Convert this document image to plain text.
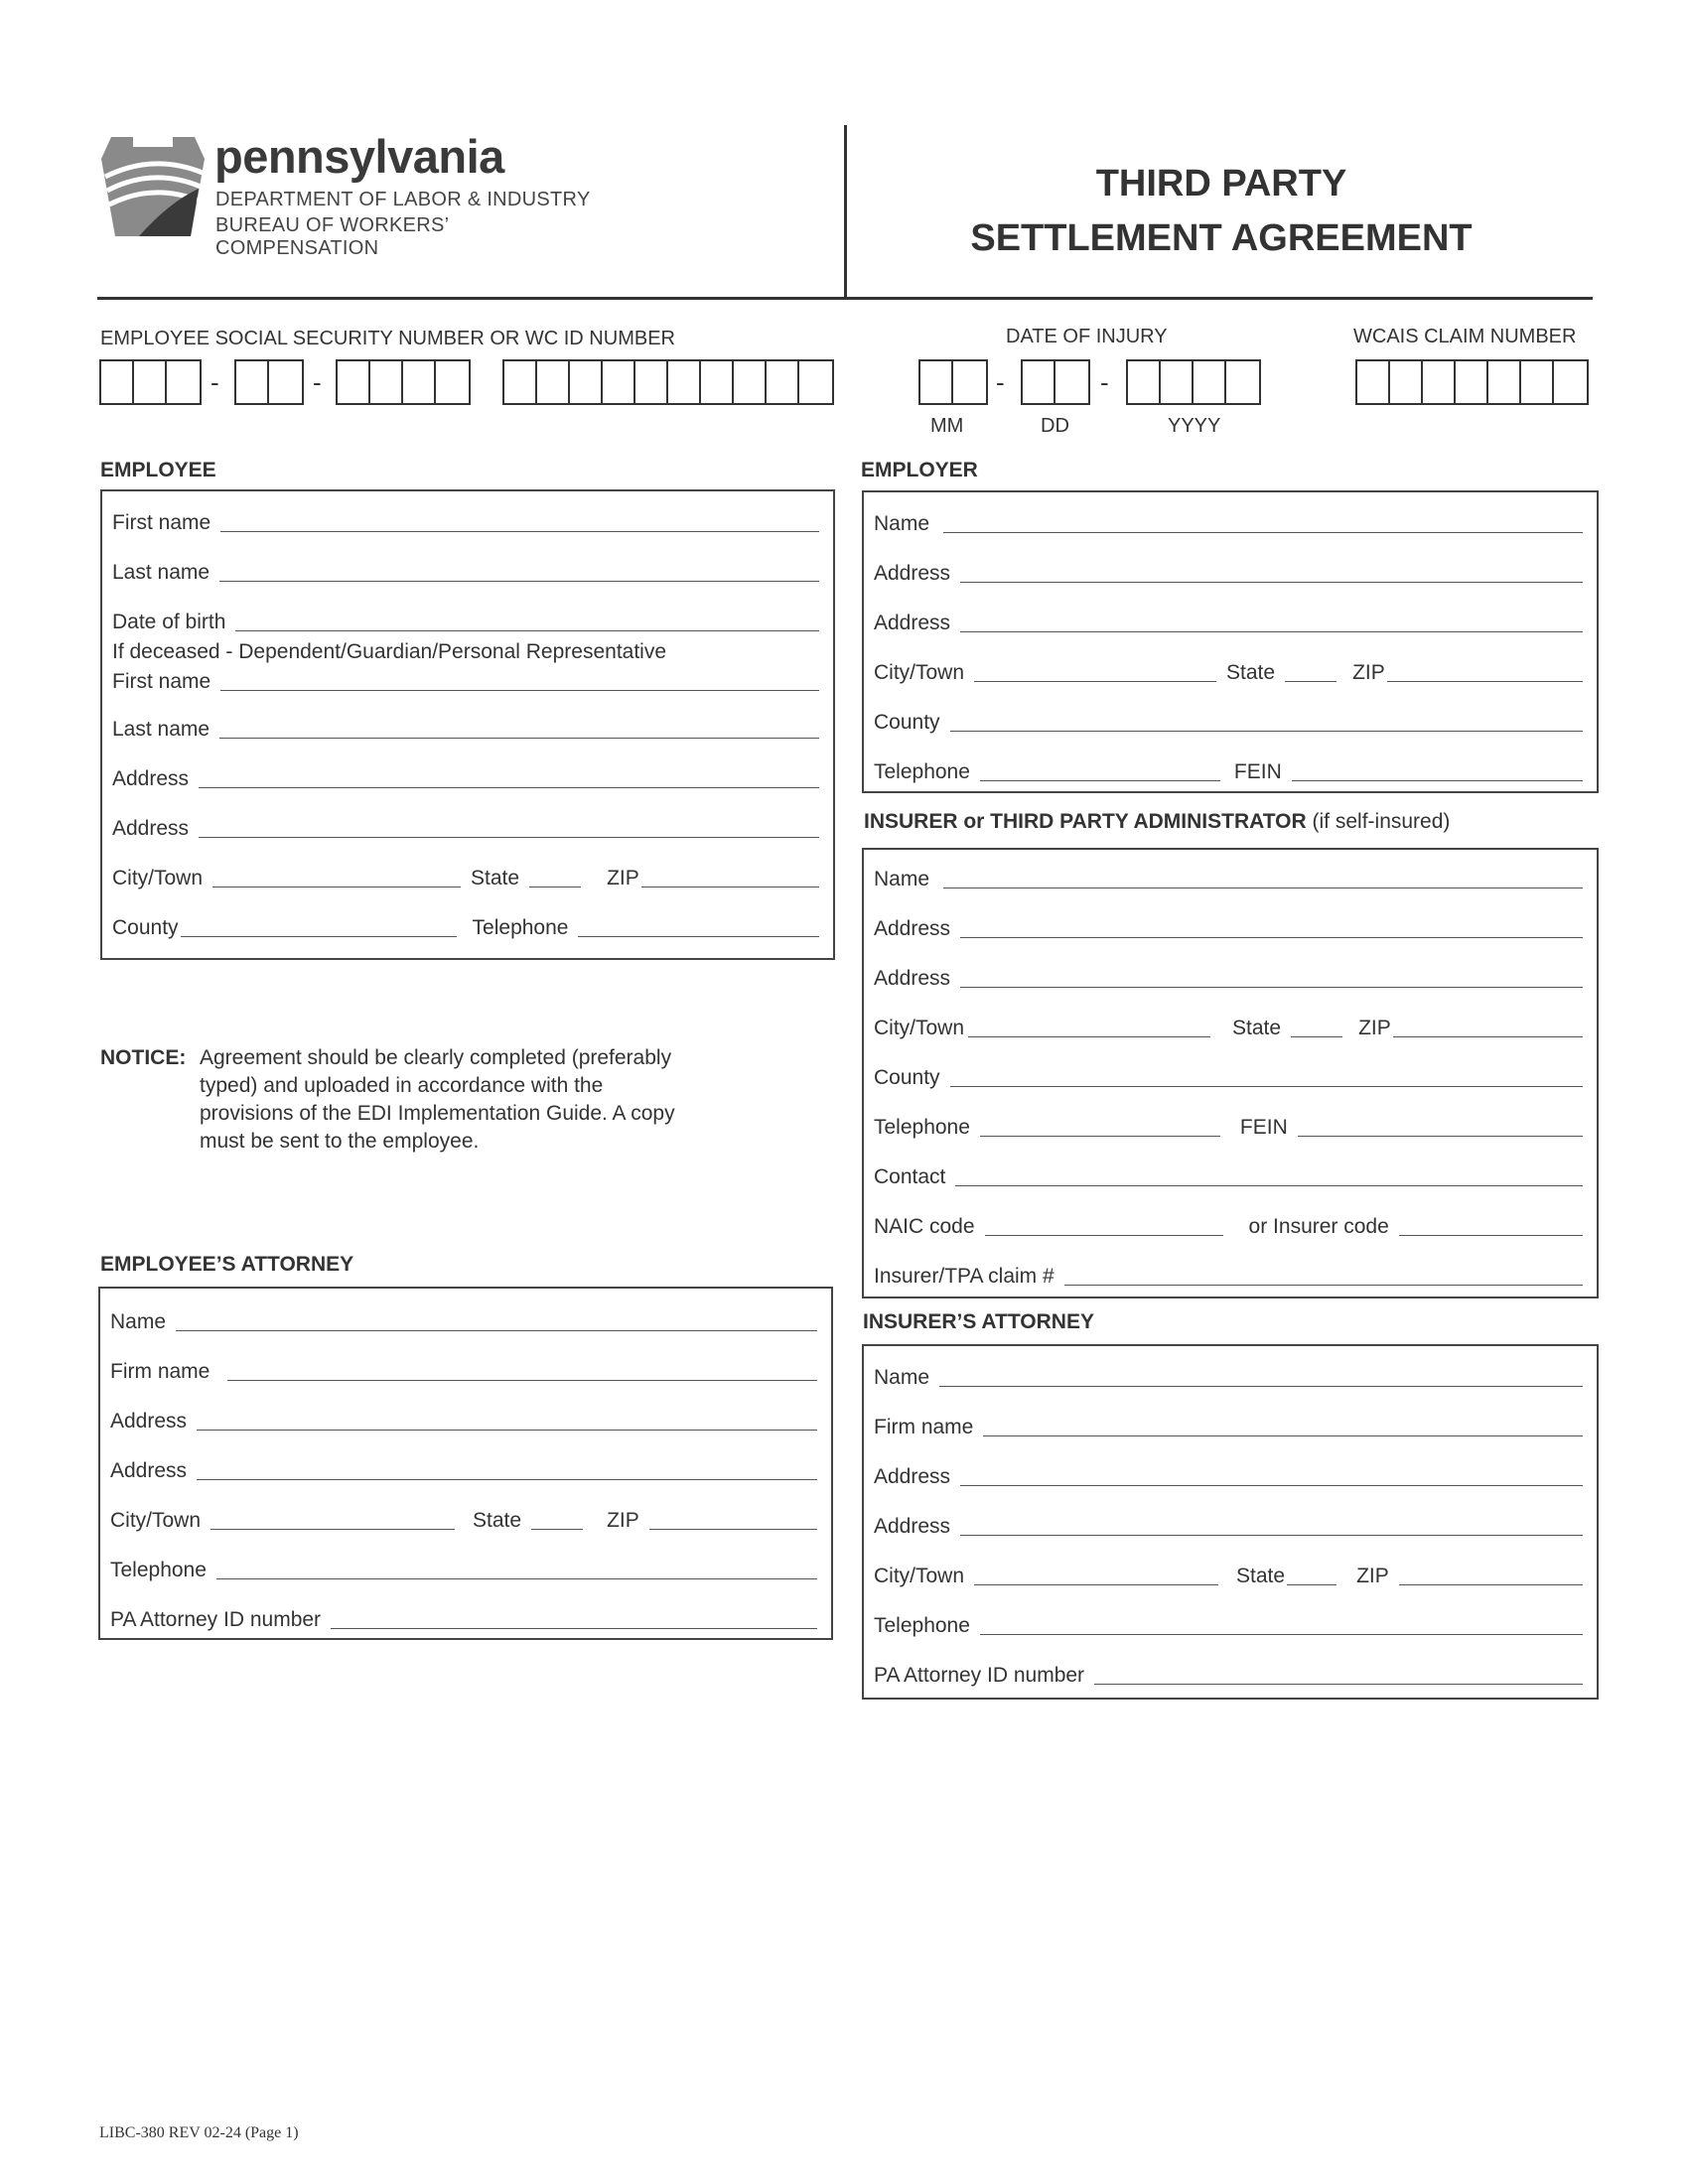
pennsylvania
DEPARTMENT OF LABOR & INDUSTRY
BUREAU OF WORKERS’ COMPENSATION
THIRD PARTY
SETTLEMENT AGREEMENT
EMPLOYEE SOCIAL SECURITY NUMBER OR WC ID NUMBER	DATE OF INJURY	WCAIS CLAIM NUMBER
-	-	-	-
MM	DD	YYYY
EMPLOYEE
First name
Last name
Date of birth
If deceased - Dependent/Guardian/Personal Representative
First name
Last name
Address
Address
City/Town	State	ZIP
County	Telephone
NOTICE: Agreement should be clearly completed (preferably
typed) and uploaded in accordance with the
provisions of the EDI Implementation Guide. A copy
must be sent to the employee.
EMPLOYEE’S ATTORNEY
Name
Firm name
Address
Address
City/Town	State	ZIP
Telephone
PA Attorney ID number
EMPLOYER
Name
Address
Address
City/Town	State	ZIP
County
Telephone	FEIN
INSURER or THIRD PARTY ADMINISTRATOR (if self-insured)
Name
Address
Address
City/Town	State	ZIP
County
Telephone	FEIN
Contact
NAIC code	or Insurer code
Insurer/TPA claim #
INSURER’S ATTORNEY
Name
Firm name
Address
Address
City/Town	State	ZIP
Telephone
PA Attorney ID number
LIBC-380 REV 02-24 (Page 1)
